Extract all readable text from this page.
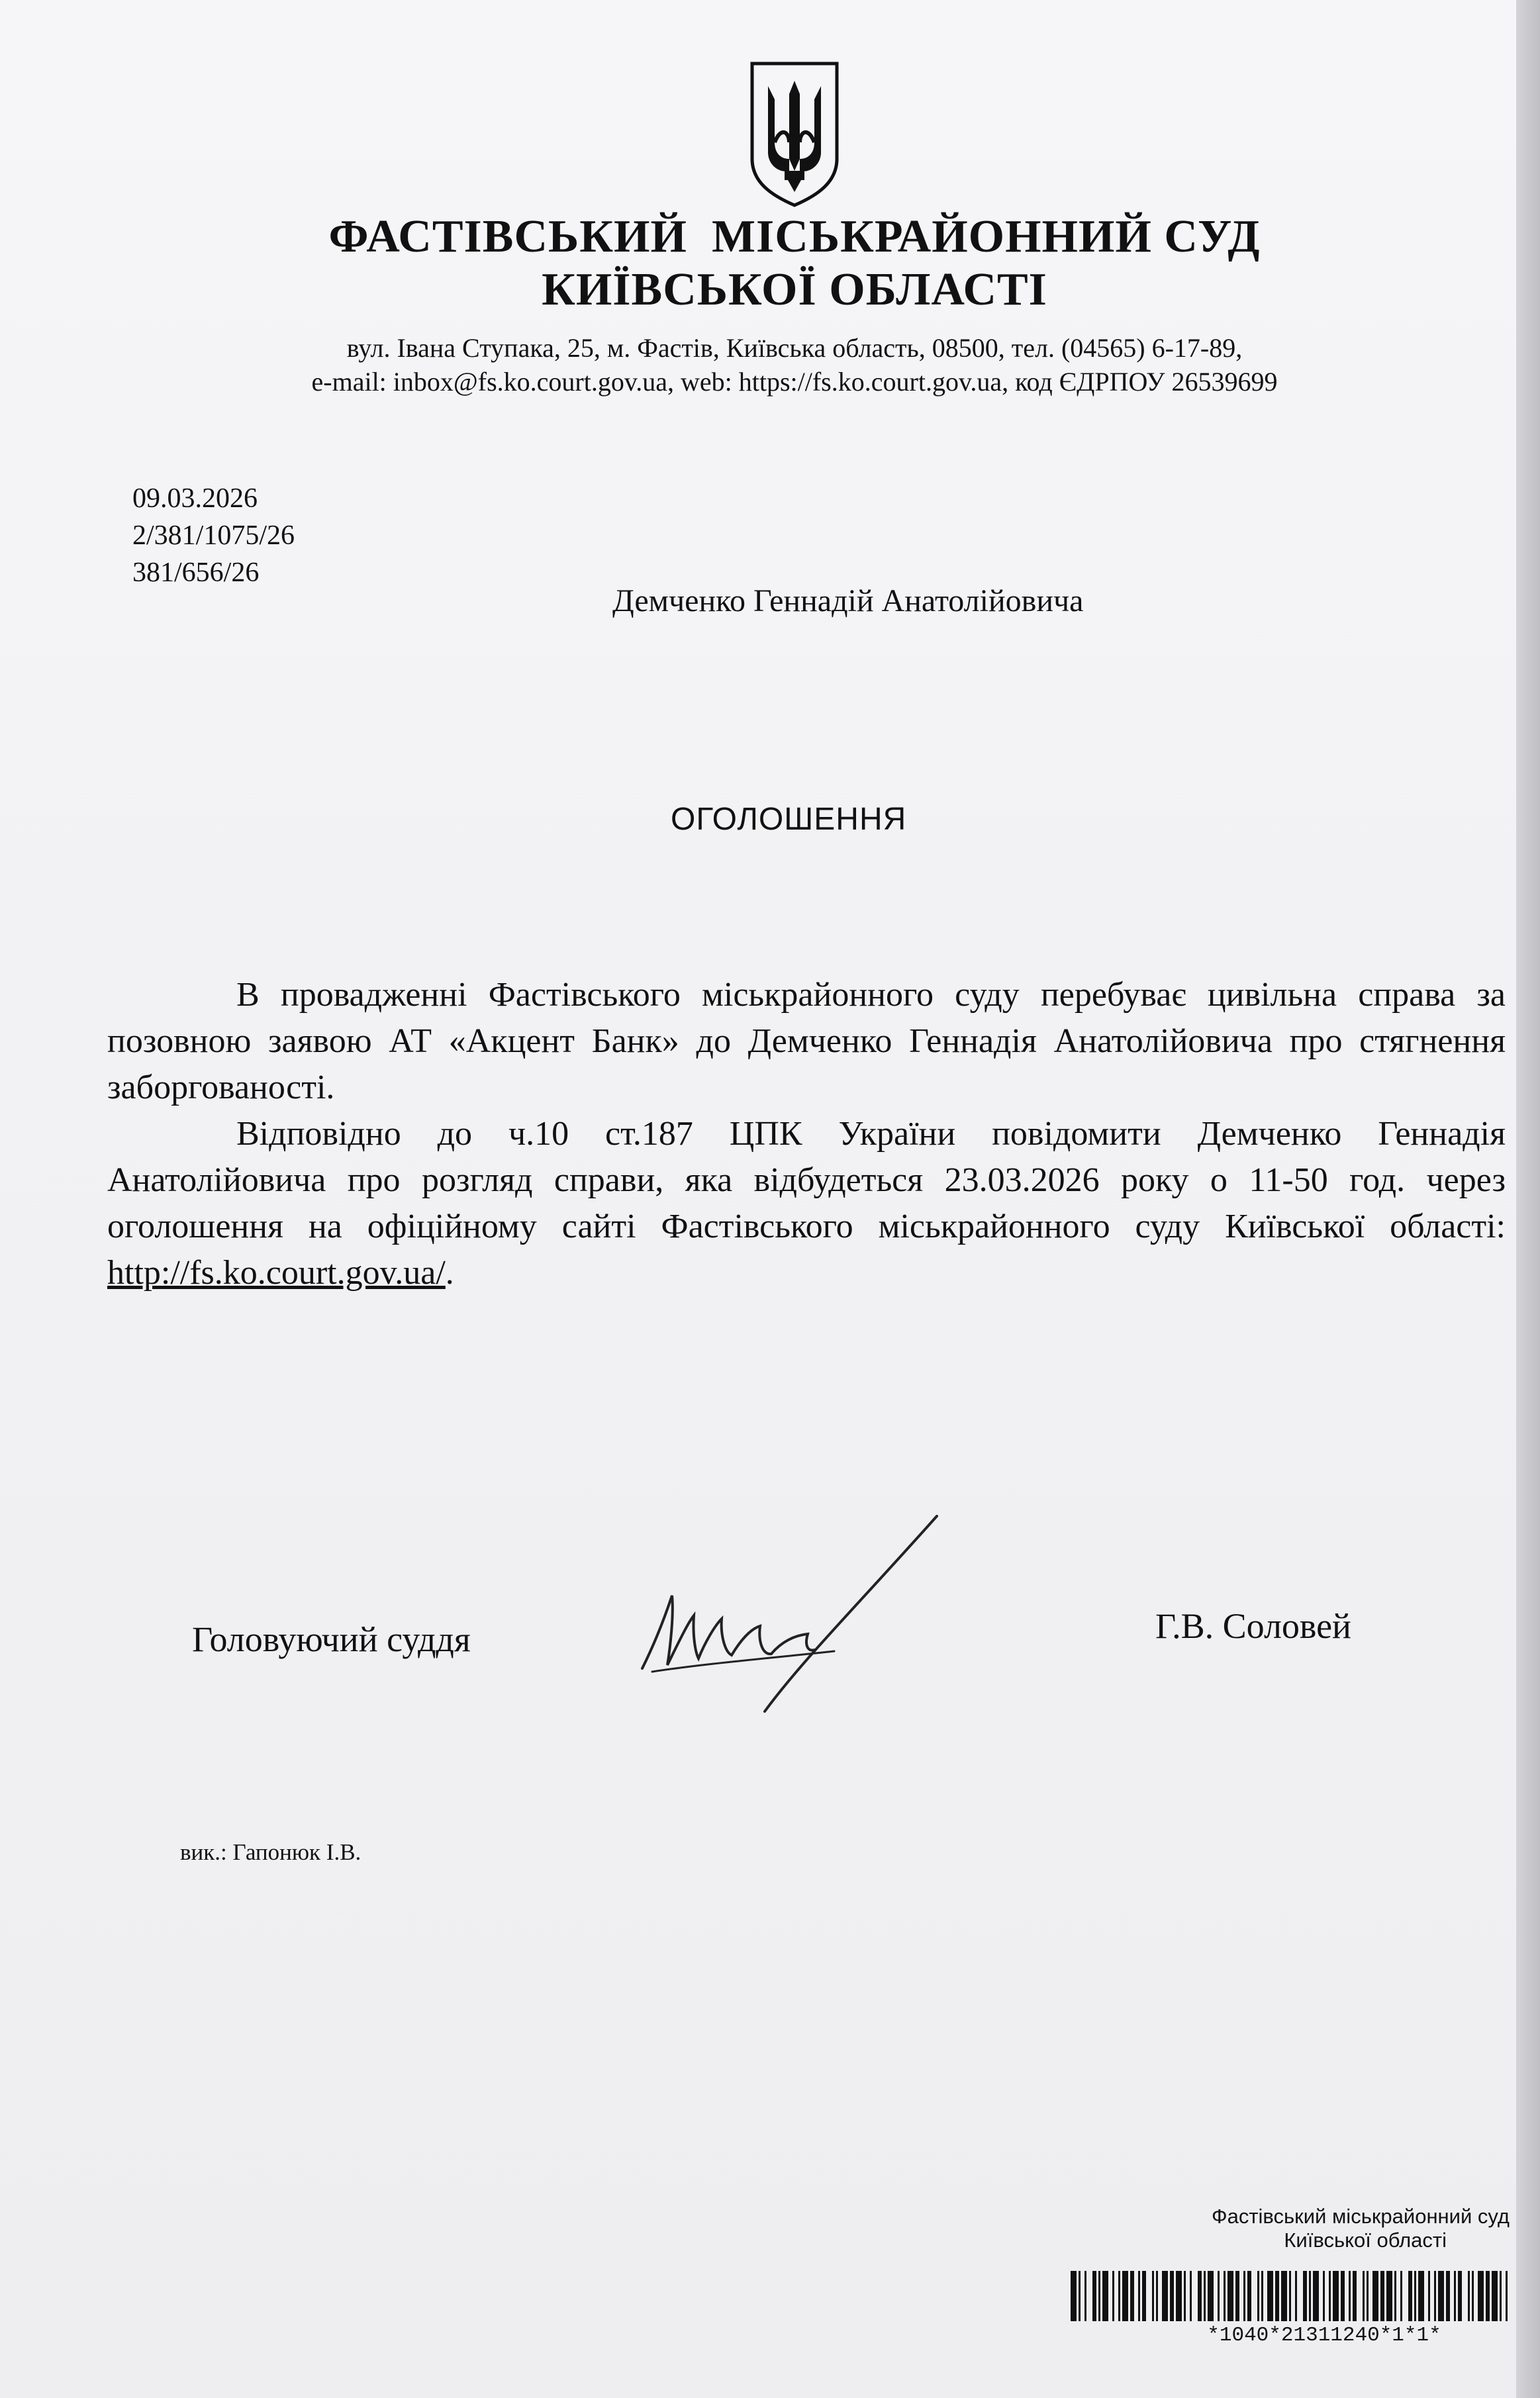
ФАСТІВСЬКИЙ  МІСЬКРАЙОННИЙ СУД
КИЇВСЬКОЇ ОБЛАСТІ
вул. Івана Ступака, 25, м. Фастів, Київська область, 08500, тел. (04565) 6-17-89,
e-mail: inbox@fs.ko.court.gov.ua, web: https://fs.ko.court.gov.ua, код ЄДРПОУ 26539699
09.03.2026
2/381/1075/26
381/656/26
Демченко Геннадій Анатолійовича
ОГОЛОШЕННЯ
В провадженні Фастівського міськрайонного суду перебуває цивільна справа за позовною заявою АТ «Акцент Банк» до Демченко Геннадія Анатолійовича про стягнення заборгованості.
Відповідно до ч.10 ст.187 ЦПК України повідомити Демченко Геннадія Анатолійовича про розгляд справи, яка відбудеться 23.03.2026 року о 11-50 год. через оголошення на офіційному сайті Фастівського міськрайонного суду Київської області: http://fs.ko.court.gov.ua/.
Головуючий суддя	Г.В. Соловей
вик.: Гапонюк І.В.
Фастівський міськрайонний суд
Київської області
*1040*21311240*1*1*
